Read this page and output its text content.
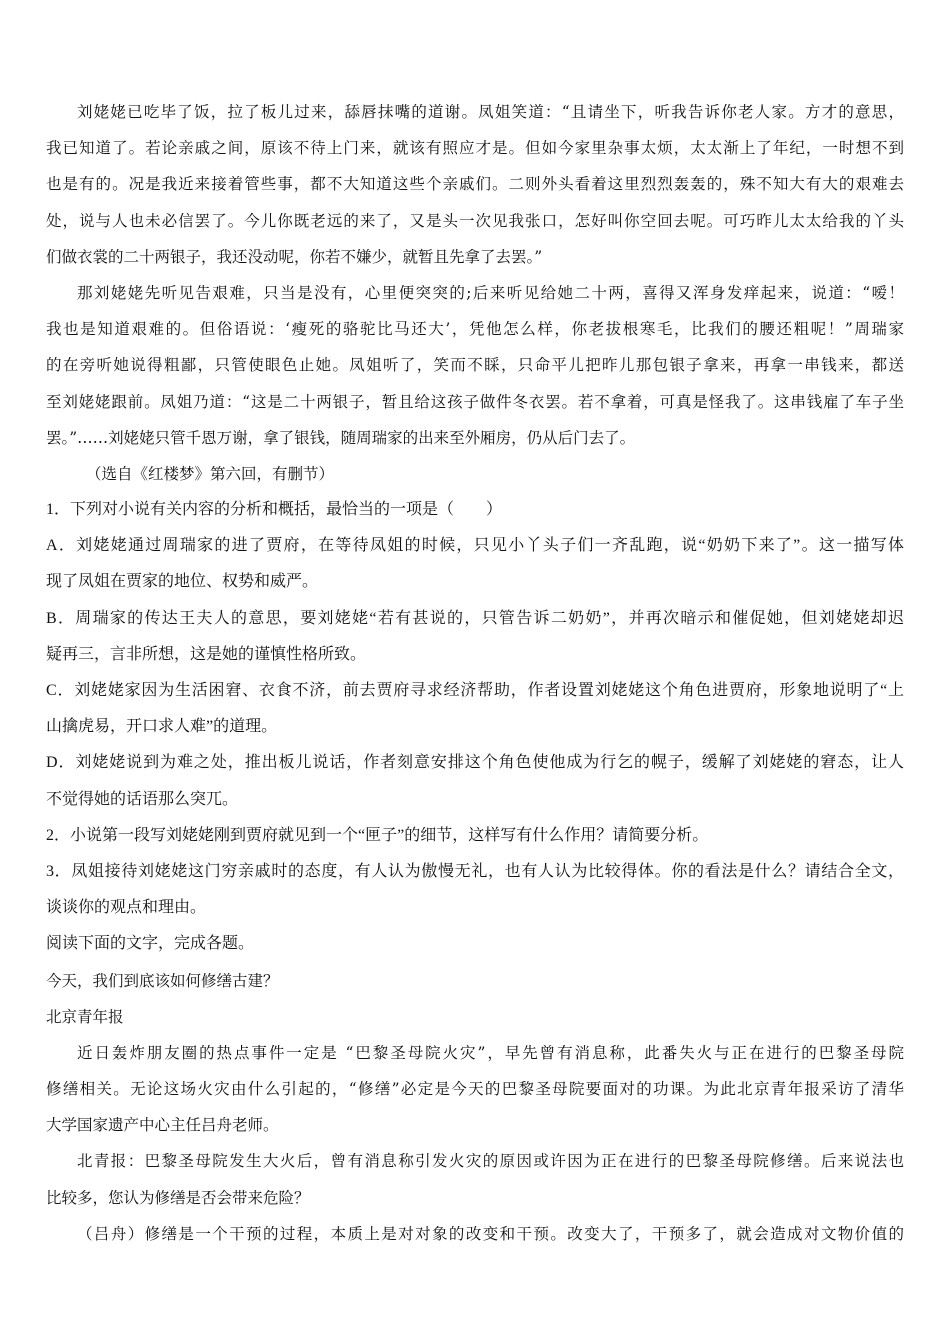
刘姥姥已吃毕了饭，拉了板儿过来，舔唇抹嘴的道谢。凤姐笑道：“且请坐下，听我告诉你老人家。方才的意思，
我已知道了。若论亲戚之间，原该不待上门来，就该有照应才是。但如今家里杂事太烦，太太渐上了年纪，一时想不到
也是有的。况是我近来接着管些事，都不大知道这些个亲戚们。二则外头看着这里烈烈轰轰的，殊不知大有大的艰难去
处，说与人也未必信罢了。今儿你既老远的来了，又是头一次见我张口，怎好叫你空回去呢。可巧昨儿太太给我的丫头
们做衣裳的二十两银子，我还没动呢，你若不嫌少，就暂且先拿了去罢。”
那刘姥姥先听见告艰难，只当是没有，心里便突突的;后来听见给她二十两，喜得又浑身发痒起来，说道：“嗳！
我也是知道艰难的。但俗语说：‘瘦死的骆驼比马还大’，凭他怎么样，你老拔根寒毛，比我们的腰还粗呢！”周瑞家
的在旁听她说得粗鄙，只管使眼色止她。凤姐听了，笑而不睬，只命平儿把昨儿那包银子拿来，再拿一串钱来，都送
至刘姥姥跟前。凤姐乃道：“这是二十两银子，暂且给这孩子做件冬衣罢。若不拿着，可真是怪我了。这串钱雇了车子坐
罢。”……刘姥姥只管千恩万谢，拿了银钱，随周瑞家的出来至外厢房，仍从后门去了。
（选自《红楼梦》第六回，有删节）
1．下列对小说有关内容的分析和概括，最恰当的一项是（　　）
A．刘姥姥通过周瑞家的进了贾府，在等待凤姐的时候，只见小丫头子们一齐乱跑，说“奶奶下来了”。这一描写体
现了凤姐在贾家的地位、权势和威严。
B．周瑞家的传达王夫人的意思，要刘姥姥“若有甚说的，只管告诉二奶奶”，并再次暗示和催促她，但刘姥姥却迟
疑再三，言非所想，这是她的谨慎性格所致。
C．刘姥姥家因为生活困窘、衣食不济，前去贾府寻求经济帮助，作者设置刘姥姥这个角色进贾府，形象地说明了“上
山擒虎易，开口求人难”的道理。
D．刘姥姥说到为难之处，推出板儿说话，作者刻意安排这个角色使他成为行乞的幌子，缓解了刘姥姥的窘态，让人
不觉得她的话语那么突兀。
2．小说第一段写刘姥姥刚到贾府就见到一个“匣子”的细节，这样写有什么作用？请简要分析。
3．凤姐接待刘姥姥这门穷亲戚时的态度，有人认为傲慢无礼，也有人认为比较得体。你的看法是什么？请结合全文，
谈谈你的观点和理由。
阅读下面的文字，完成各题。
今天，我们到底该如何修缮古建？
北京青年报
近日轰炸朋友圈的热点事件一定是 “巴黎圣母院火灾”，早先曾有消息称，此番失火与正在进行的巴黎圣母院
修缮相关。无论这场火灾由什么引起的，“修缮”必定是今天的巴黎圣母院要面对的功课。为此北京青年报采访了清华
大学国家遗产中心主任吕舟老师。
北青报：巴黎圣母院发生大火后，曾有消息称引发火灾的原因或许因为正在进行的巴黎圣母院修缮。后来说法也
比较多，您认为修缮是否会带来危险？
（吕舟）修缮是一个干预的过程，本质上是对对象的改变和干预。改变大了，干预多了，就会造成对文物价值的
